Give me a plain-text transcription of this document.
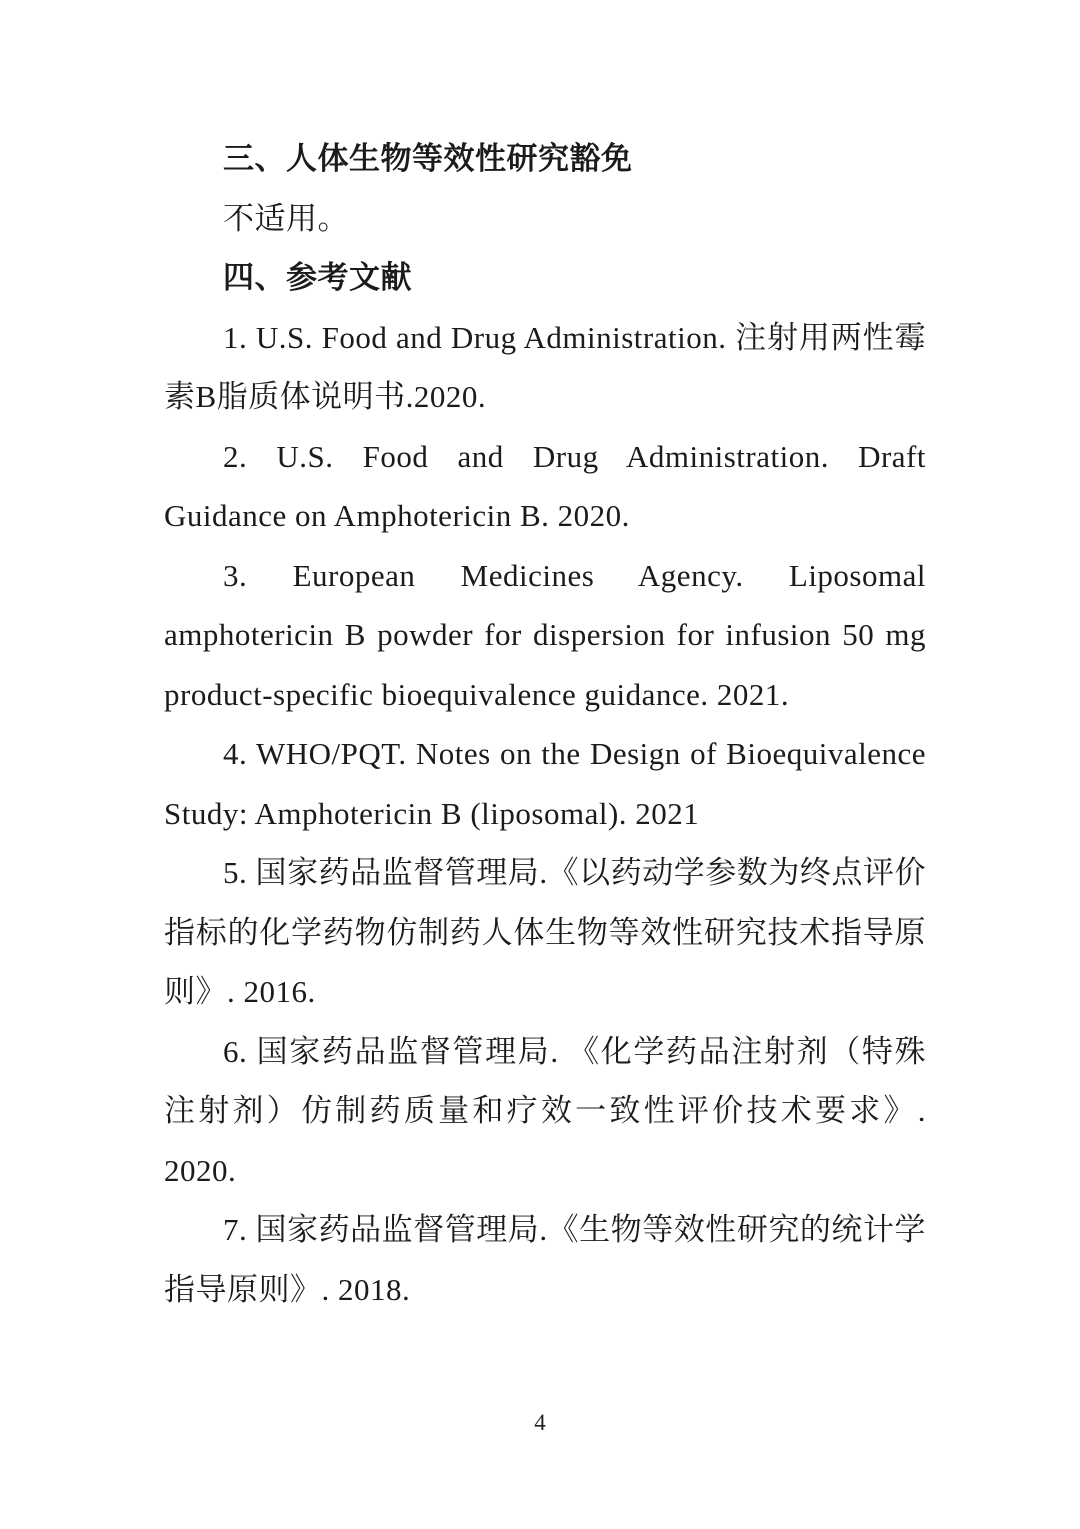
三、人体生物等效性研究豁免

不适用。

四、参考文献

1. U.S. Food and Drug Administration. 注射用两性霉素B脂质体说明书.2020.

2. U.S. Food and Drug Administration. Draft Guidance on Amphotericin B. 2020.

3. European Medicines Agency. Liposomal amphotericin B powder for dispersion for infusion 50 mg product-specific bioequivalence guidance. 2021.

4. WHO/PQT. Notes on the Design of Bioequivalence Study: Amphotericin B (liposomal). 2021

5. 国家药品监督管理局.《以药动学参数为终点评价指标的化学药物仿制药人体生物等效性研究技术指导原则》. 2016.

6. 国家药品监督管理局. 《化学药品注射剂（特殊注射剂）仿制药质量和疗效一致性评价技术要求》. 2020.

7. 国家药品监督管理局.《生物等效性研究的统计学指导原则》. 2018.

4
